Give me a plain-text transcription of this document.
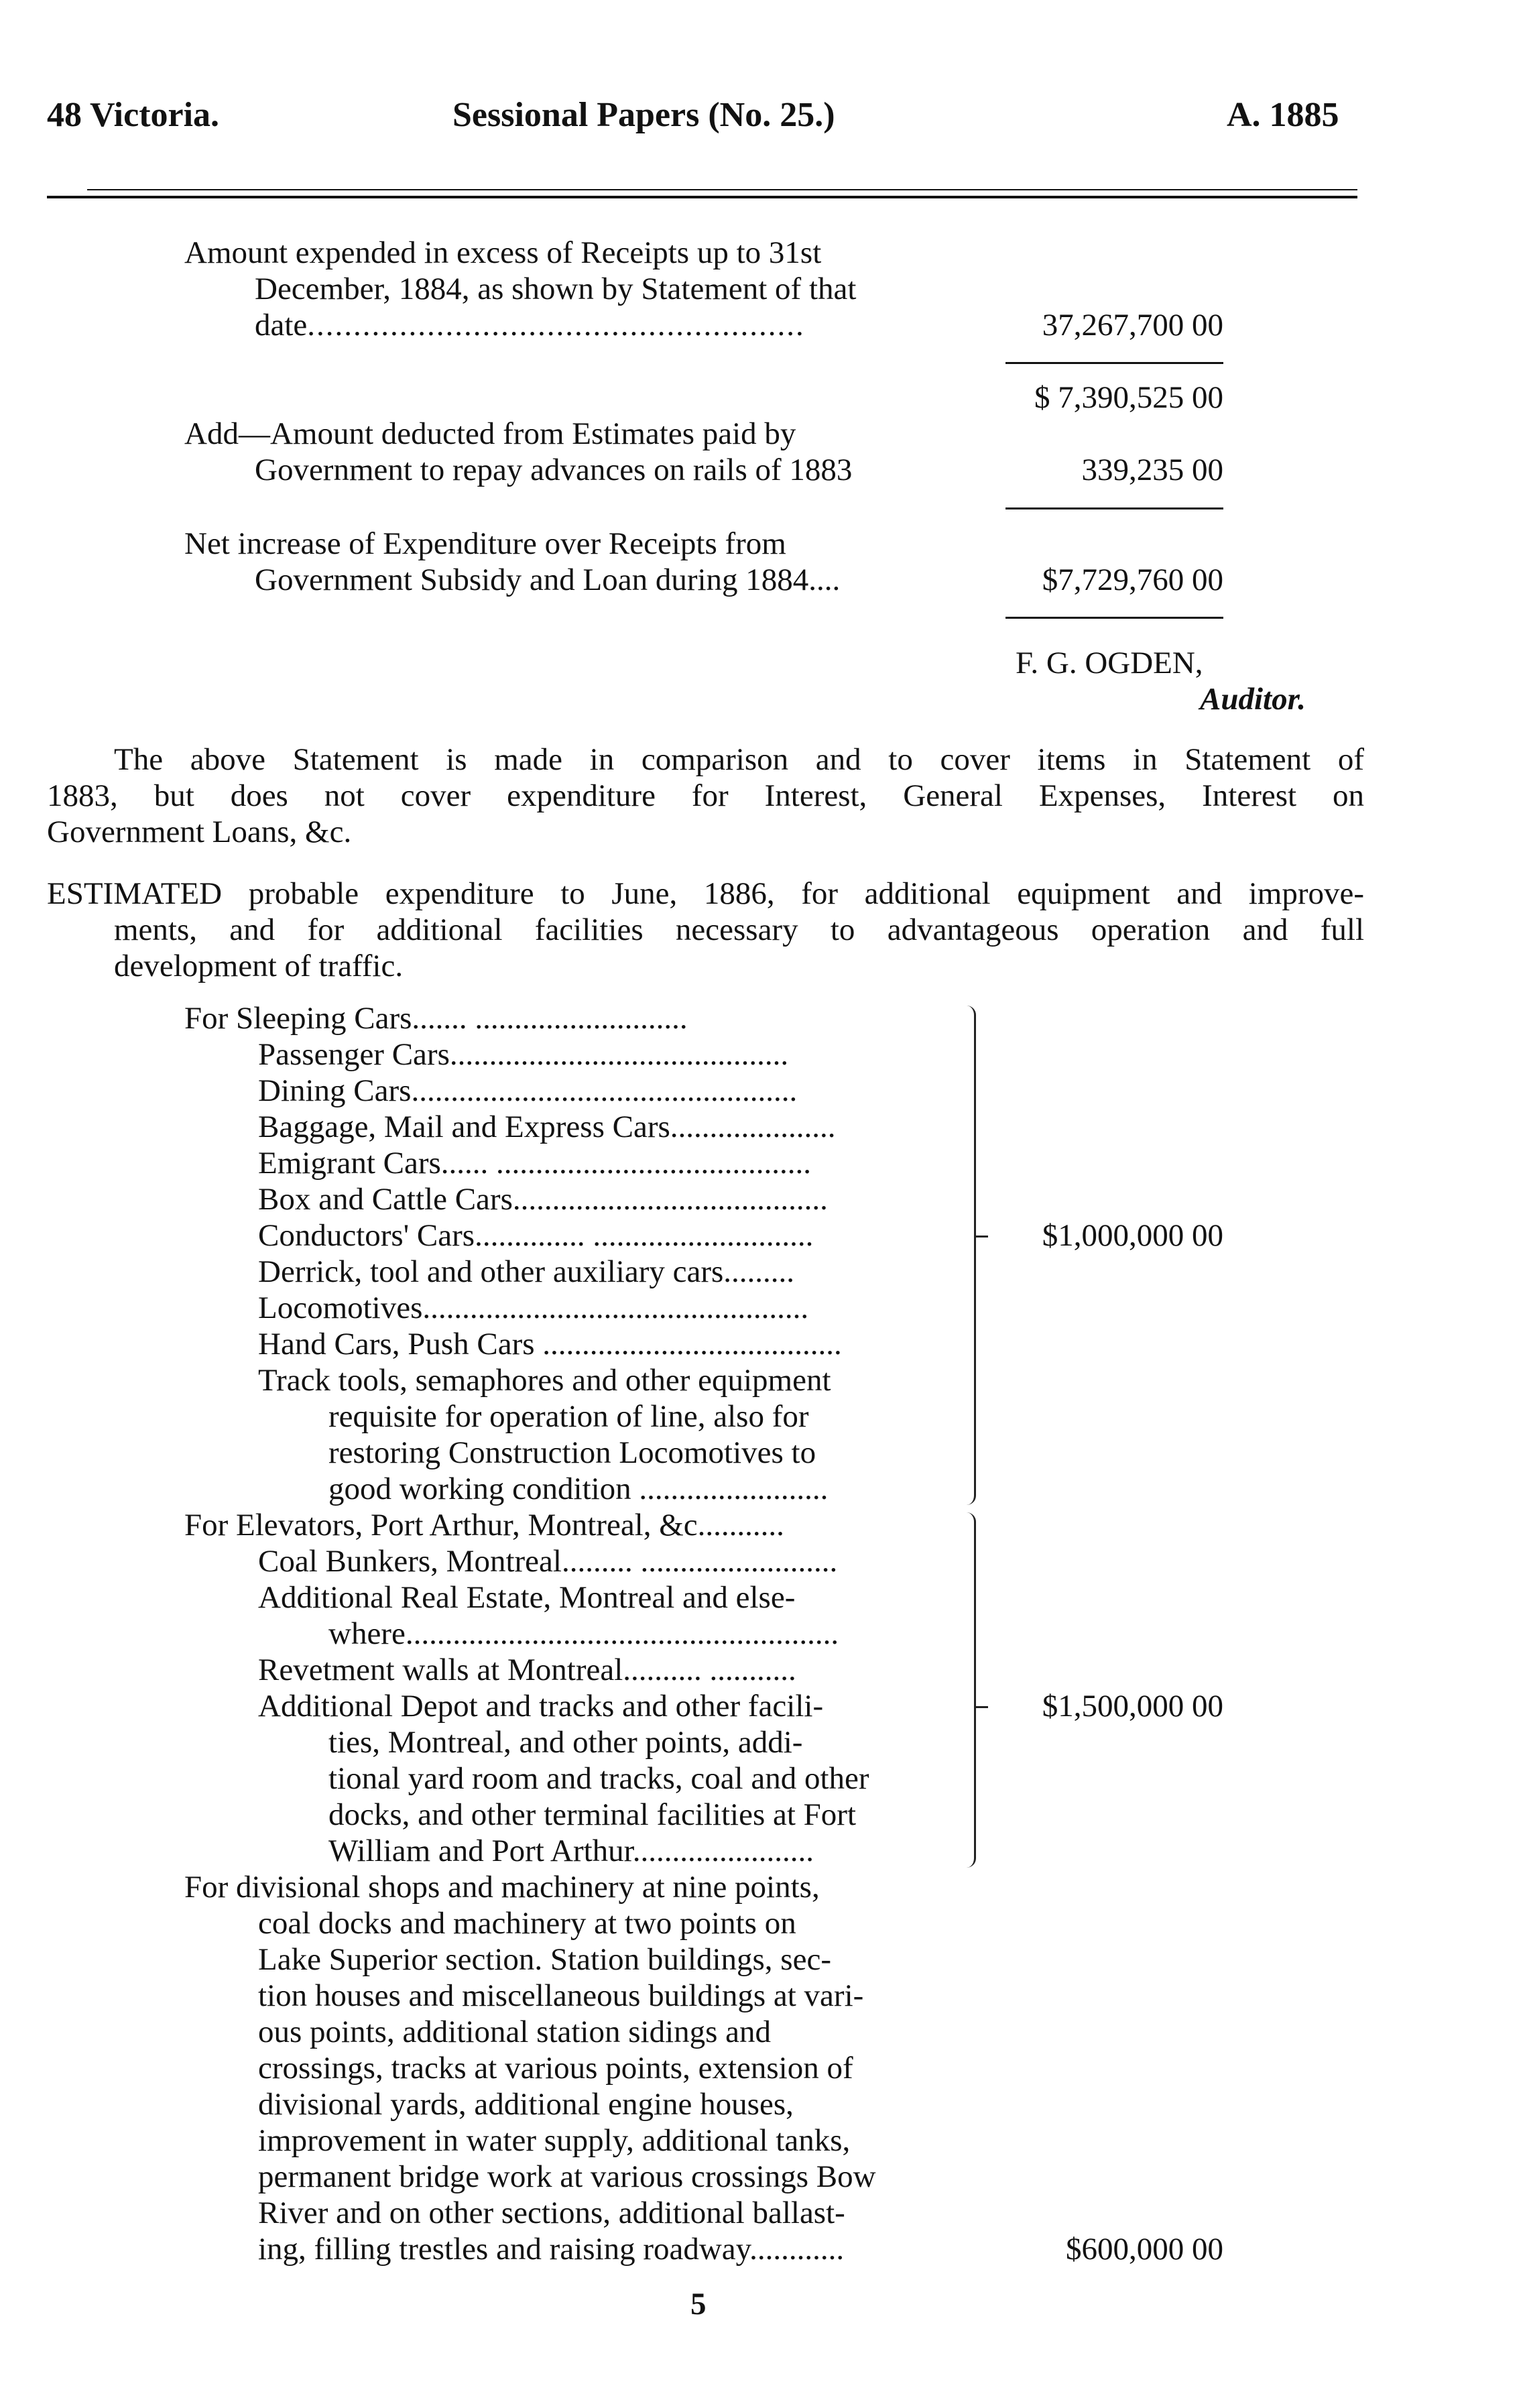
48 Victoria.	Sessional Papers (No. 25.)	A. 1885
Amount expended in excess of Receipts up to 31st
December, 1884, as shown by Statement of that
date......................................................	37,267,700 00
$ 7,390,525 00
Add—Amount deducted from Estimates paid by
Government to repay advances on rails of 1883	339,235 00
Net increase of Expenditure over Receipts from
Government Subsidy and Loan during 1884....	$7,729,760 00
F. G. OGDEN,
Auditor.
The above Statement is made in comparison and to cover items in Statement of
1883, but does not cover expenditure for Interest, General Expenses, Interest on
Government Loans, &c.
ESTIMATED probable expenditure to June, 1886, for additional equipment and improve-
ments, and for additional facilities necessary to advantageous operation and full
development of traffic.
For Sleeping Cars....... ...........................
Passenger Cars...........................................
Dining Cars.................................................
Baggage, Mail and Express Cars.....................
Emigrant Cars...... ........................................
Box and Cattle Cars........................................
Conductors' Cars.............. ............................
Derrick, tool and other auxiliary cars.........
Locomotives.................................................
Hand Cars, Push Cars ......................................
Track tools, semaphores and other equipment
requisite for operation of line, also for
restoring Construction Locomotives to
good working condition ........................
$1,000,000 00
For Elevators, Port Arthur, Montreal, &c...........
Coal Bunkers, Montreal......... .........................
Additional Real Estate, Montreal and else-
where.......................................................
Revetment walls at Montreal.......... ...........
Additional Depot and tracks and other facili-
ties, Montreal, and other points, addi-
tional yard room and tracks, coal and other
docks, and other terminal facilities at Fort
William and Port Arthur.......................
$1,500,000 00
For divisional shops and machinery at nine points,
coal docks and machinery at two points on
Lake Superior section. Station buildings, sec-
tion houses and miscellaneous buildings at vari-
ous points, additional station sidings and
crossings, tracks at various points, extension of
divisional yards, additional engine houses,
improvement in water supply, additional tanks,
permanent bridge work at various crossings Bow
River and on other sections, additional ballast-
ing, filling trestles and raising roadway............	$600,000 00
5
